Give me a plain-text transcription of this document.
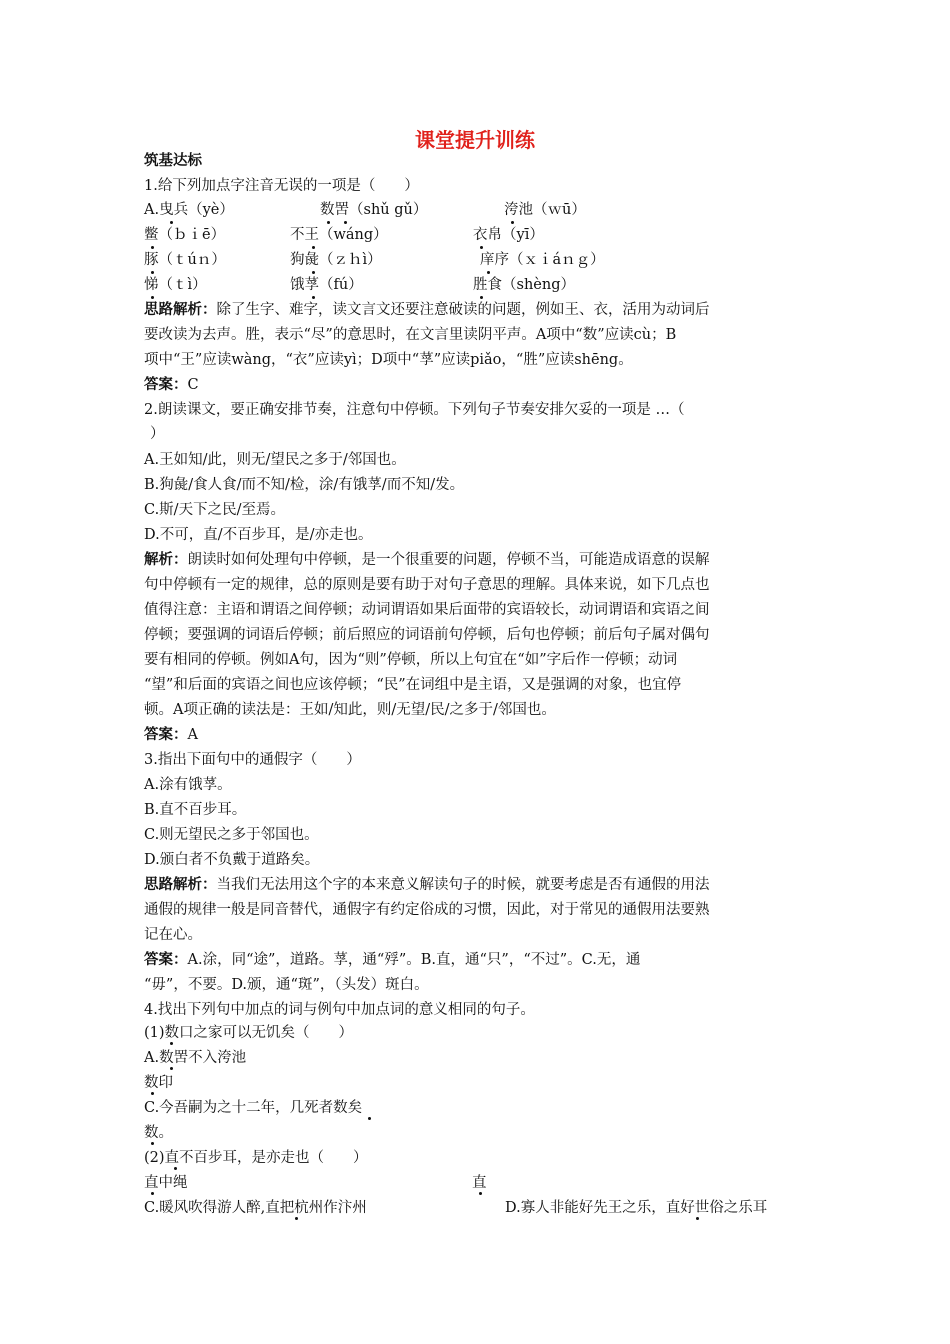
课堂提升训练
筑基达标
1.给下列加点字注音无误的一项是（　　）
A.曳兵（yè）	数罟（shǔ gǔ）	洿池（ｗū）
鳖（ｂｉē）	不王（wáng）	衣帛（yī）
豚（ｔúｎ）	狗彘（ｚｈì）	庠序（ｘｉáｎｇ）
悌（ｔì）	饿莩（fú）	胜食（shèng）
思路解析：除了生字、难字，读文言文还要注意破读的问题，例如王、衣，活用为动词后
要改读为去声。胜，表示“尽”的意思时，在文言里读阴平声。A项中“数”应读cù；B
项中“王”应读wàng，“衣”应读yì；D项中“莩”应读piǎo，“胜”应读shēng。
答案：C
2.朗读课文，要正确安排节奏，注意句中停顿。下列句子节奏安排欠妥的一项是 …（
）
A.王如知/此，则无/望民之多于/邻国也。
B.狗彘/食人食/而不知/检，涂/有饿莩/而不知/发。
C.斯/天下之民/至焉。
D.不可，直/不百步耳，是/亦走也。
解析：朗读时如何处理句中停顿，是一个很重要的问题，停顿不当，可能造成语意的误解
句中停顿有一定的规律，总的原则是要有助于对句子意思的理解。具体来说，如下几点也
值得注意：主语和谓语之间停顿；动词谓语如果后面带的宾语较长，动词谓语和宾语之间
停顿；要强调的词语后停顿；前后照应的词语前句停顿，后句也停顿；前后句子属对偶句
要有相同的停顿。例如A句，因为“则”停顿，所以上句宜在“如”字后作一停顿；动词
“望”和后面的宾语之间也应该停顿；“民”在词组中是主语，又是强调的对象，也宜停
顿。A项正确的读法是：王如/知此，则/无望/民/之多于/邻国也。
答案：A
3.指出下面句中的通假字（　　）
A.涂有饿莩。
B.直不百步耳。
C.则无望民之多于邻国也。
D.颁白者不负戴于道路矣。
思路解析：当我们无法用这个字的本来意义解读句子的时候，就要考虑是否有通假的用法
通假的规律一般是同音替代，通假字有约定俗成的习惯，因此，对于常见的通假用法要熟
记在心。
答案：A.涂，同“途”，道路。莩，通“殍”。B.直，通“只”，“不过”。C.无，通
“毋”，不要。D.颁，通“斑”，（头发）斑白。
4.找出下列句中加点的词与例句中加点词的意义相同的句子。
(1)数口之家可以无饥矣（　　）
A.数罟不入洿池
数印
C.今吾嗣为之十二年，几死者数矣
数。
(2)直不百步耳，是亦走也（　　）
直中绳	直
C.暖风吹得游人醉,直把杭州作汴州	D.寡人非能好先王之乐，直好世俗之乐耳
